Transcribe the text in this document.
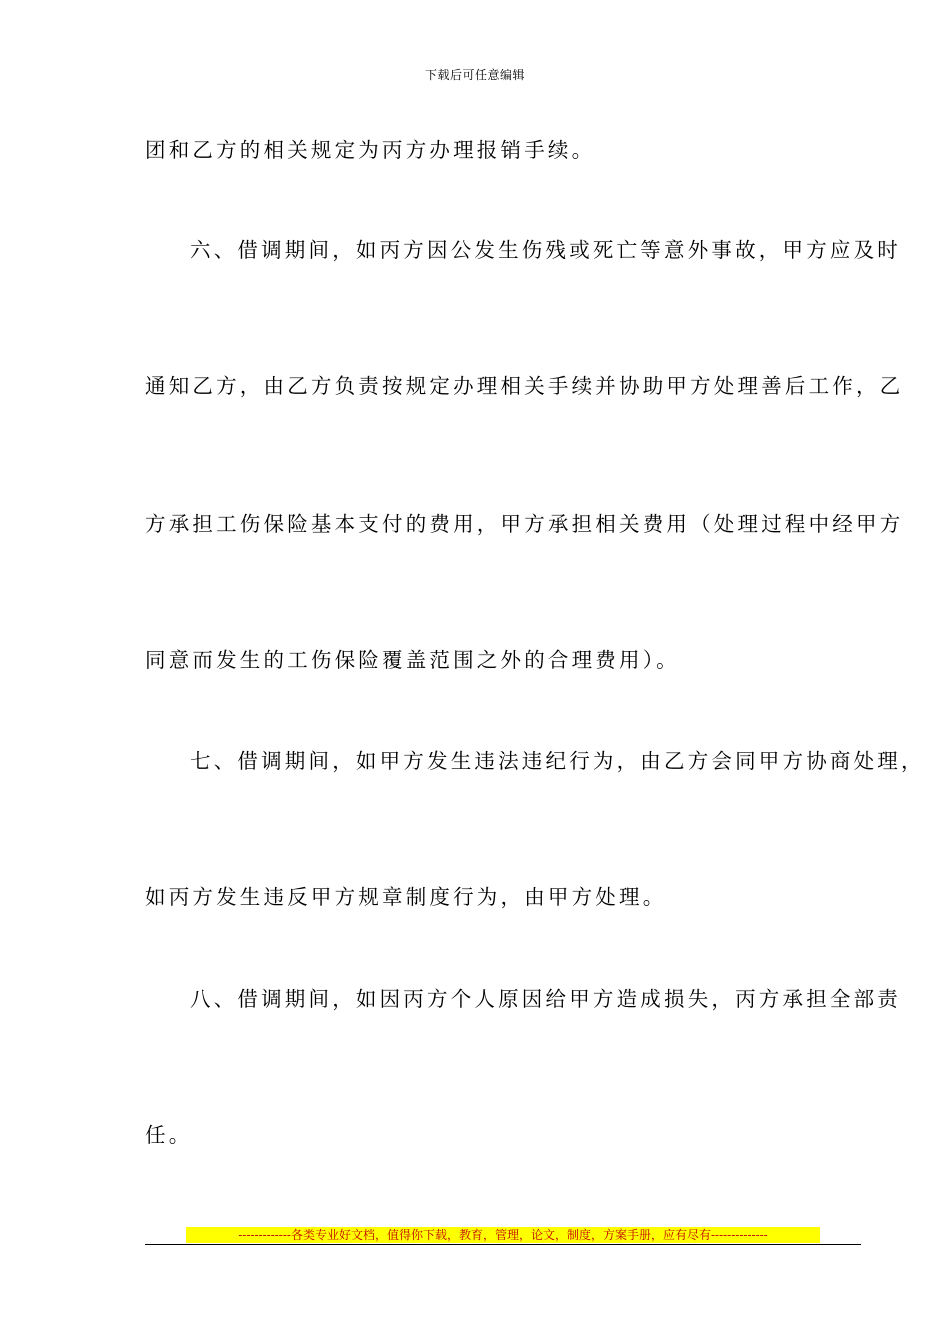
下载后可任意编辑
团和乙方的相关规定为丙方办理报销手续。
六、借调期间，如丙方因公发生伤残或死亡等意外事故，甲方应及时
通知乙方，由乙方负责按规定办理相关手续并协助甲方处理善后工作，乙
方承担工伤保险基本支付的费用，甲方承担相关费用（处理过程中经甲方
同意而发生的工伤保险覆盖范围之外的合理费用）。
七、借调期间，如甲方发生违法违纪行为，由乙方会同甲方协商处理，
如丙方发生违反甲方规章制度行为，由甲方处理。
八、借调期间，如因丙方个人原因给甲方造成损失，丙方承担全部责
任。
-------------各类专业好文档，值得你下载，教育，管理，论文，制度，方案手册，应有尽有--------------
